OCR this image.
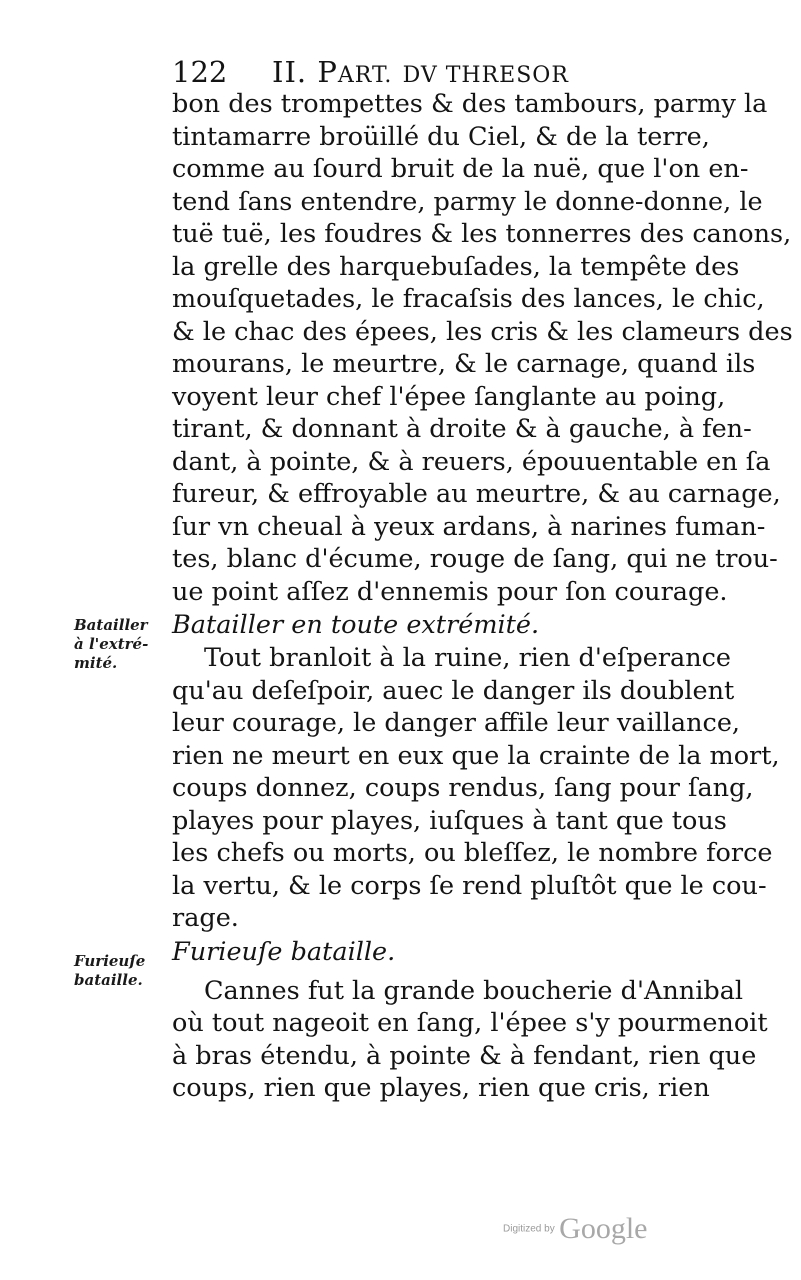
122 II. PART. DV THRESOR
bon des trompettes & des tambours, parmy la
tintamarre broüillé du Ciel, & de la terre,
comme au ſourd bruit de la nuë, que l'on en-
tend ſans entendre, parmy le donne-donne, le
tuë tuë, les foudres & les tonnerres des canons,
la grelle des harquebuſades, la tempête des
mouſquetades, le fracaſsis des lances, le chic,
& le chac des épees, les cris & les clameurs des
mourans, le meurtre, & le carnage, quand ils
voyent leur chef l'épee ſanglante au poing,
tirant, & donnant à droite & à gauche, à fen-
dant, à pointe, & à reuers, épouuentable en ſa
fureur, & effroyable au meurtre, & au carnage,
ſur vn cheual à yeux ardans, à narines fuman-
tes, blanc d'écume, rouge de ſang, qui ne trou-
ue point aſſez d'ennemis pour ſon courage.
Batailler en toute extrémité.
Tout branloit à la ruine, rien d'eſperance
qu'au deſeſpoir, auec le danger ils doublent
leur courage, le danger affile leur vaillance,
rien ne meurt en eux que la crainte de la mort,
coups donnez, coups rendus, ſang pour ſang,
playes pour playes, iuſques à tant que tous
les chefs ou morts, ou bleſſez, le nombre force
la vertu, & le corps ſe rend pluſtôt que le cou-
rage.
Furieuſe bataille.
Cannes fut la grande boucherie d'Annibal
où tout nageoit en ſang, l'épee s'y pourmenoit
à bras étendu, à pointe & à fendant, rien que
coups, rien que playes, rien que cris, rien
Batailler
à l'extré-
mité.
Furieuſe
bataille.
Digitized by Google
